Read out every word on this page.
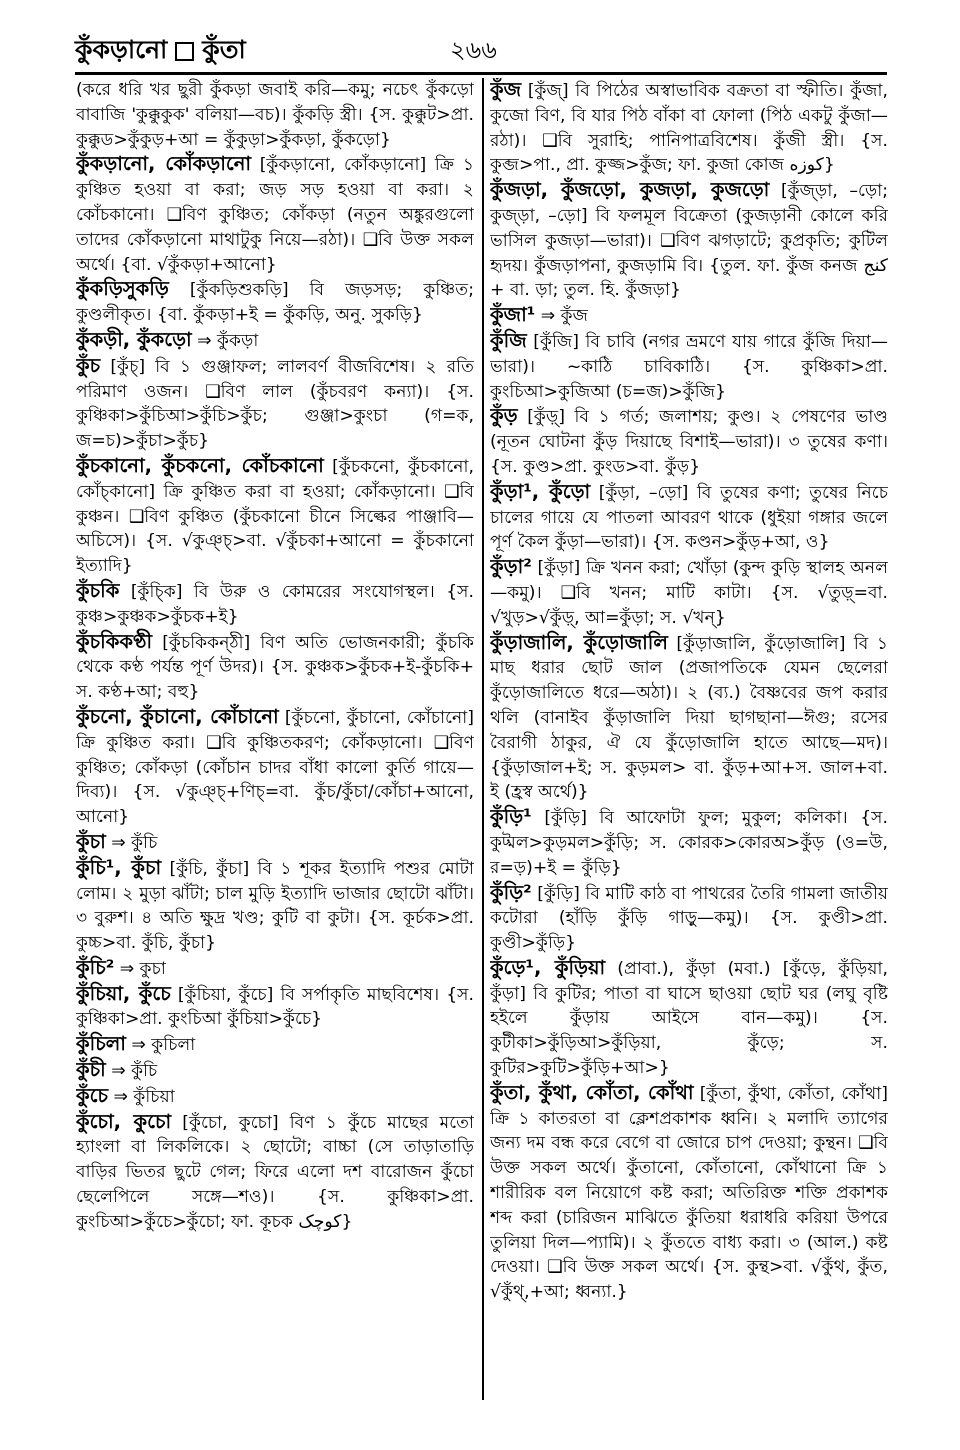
কুঁকড়ানো কুঁতা	২৬৬

(করে ধরি খর ছুরী কুঁকড়া জবাই করি—কমু; নচেৎ কুঁকড়ো বাবাজি 'কুক্কুকুক' বলিয়া—বচ)। কুঁকড়ি স্ত্রী। {স. কুক্কুট>প্রা. কুক্কুড>কুঁকুড়+আ = কুঁকুড়া>কুঁকড়া, কুঁকড়ো}

কুঁকড়ানো, কোঁকড়ানো [কুঁকড়ানো, কোঁকড়ানো] ক্রি ১ কুঞ্চিত হওয়া বা করা; জড় সড় হওয়া বা করা। ২ কোঁচকানো। ❑বিণ কুঞ্চিত; কোঁকড়া (নতুন অঙ্কুরগুলো তাদের কোঁকড়ানো মাথাটুকু নিয়ে—রঠা)। ❑বি উক্ত সকল অর্থে। {বা. √কুঁকড়া+আনো}

কুঁকড়িসুকড়ি [কুঁকড়িশুকড়ি] বি জড়সড়; কুঞ্চিত; কুণ্ডলীকৃত। {বা. কুঁকড়া+ই = কুঁকড়ি, অনু. সুকড়ি}

কুঁকড়ী, কুঁকড়ো ⇒ কুঁকড়া

কুঁচ [কুঁচ্] বি ১ গুঞ্জাফল; লালবর্ণ বীজবিশেষ। ২ রতি পরিমাণ ওজন। ❑বিণ লাল (কুঁচবরণ কন্যা)। {স. কুঞ্চিকা>কুঁচিআ>কুঁচি>কুঁচ; গুঞ্জা>কুংচা (গ=ক, জ=চ)>কুঁচা>কুঁচ}

কুঁচকানো, কুঁচকনো, কোঁচকানো [কুঁচকনো, কুঁচকানো, কোঁচ্কানো] ক্রি কুঞ্চিত করা বা হওয়া; কোঁকড়ানো। ❑বি কুঞ্চন। ❑বিণ কুঞ্চিত (কুঁচকানো চীনে সিল্কের পাঞ্জাবি—অচিসে)। {স. √কুঞ্চ্>বা. √কুঁচকা+আনো = কুঁচকানো ইত্যাদি}

কুঁচকি [কুঁচ্কি] বি উরু ও কোমরের সংযোগস্থল। {স. কুঞ্চ>কুঞ্চক>কুঁচক+ই}

কুঁচকিকণ্ঠী [কুঁচকিকন্‌ঠী] বিণ অতি ভোজনকারী; কুঁচকি থেকে কণ্ঠ পর্যন্ত পূর্ণ উদর)। {স. কুঞ্চক>কুঁচক+ই-কুঁচকি+ স. কণ্ঠ+আ; বহু}

কুঁচনো, কুঁচানো, কোঁচানো [কুঁচনো, কুঁচানো, কোঁচানো] ক্রি কুঞ্চিত করা। ❑বি কুঞ্চিতকরণ; কোঁকড়ানো। ❑বিণ কুঞ্চিত; কোঁকড়া (কোঁচান চাদর বাঁধা কালো কুর্তি গায়ে—দিব্য)। {স. √কুঞ্চ্+ণিচ্=বা. কুঁচ/কুঁচা/কোঁচা+আনো, আনো}

কুঁচা ⇒ কুঁচি

কুঁচি¹, কুঁচা [কুঁচি, কুঁচা] বি ১ শূকর ইত্যাদি পশুর মোটা লোম। ২ মুড়া ঝাঁটা; চাল মুড়ি ইত্যাদি ভাজার ছোটো ঝাঁটা। ৩ বুরুশ। ৪ অতি ক্ষুদ্র খণ্ড; কুটি বা কুটা। {স. কূর্চক>প্রা. কুচ্চ>বা. কুঁচি, কুঁচা}

কুঁচি² ⇒ কুচা

কুঁচিয়া, কুঁচে [কুঁচিয়া, কুঁচে] বি সর্পাকৃতি মাছবিশেষ। {স. কুঞ্চিকা>প্রা. কুংচিআ কুঁচিয়া>কুঁচে}

কুঁচিলা ⇒ কুচিলা

কুঁচী ⇒ কুঁচি

কুঁচে ⇒ কুঁচিয়া

কুঁচো, কুচো [কুঁচো, কুচো] বিণ ১ কুঁচে মাছের মতো হ্যাংলা বা লিকলিকে। ২ ছোটো; বাচ্চা (সে তাড়াতাড়ি বাড়ির ভিতর ছুটে গেল; ফিরে এলো দশ বারোজন কুঁচো ছেলেপিলে সঙ্গে—শও)। {স. কুঞ্চিকা>প্রা. কুংচিআ>কুঁচে>কুঁচো; ফা. কূচক کوچک}

কুঁজ [কুঁজ্] বি পিঠের অস্বাভাবিক বক্রতা বা স্ফীতি। কুঁজা, কুজো বিণ, বি যার পিঠ বাঁকা বা ফোলা (পিঠ একটু কুঁজা—রঠা)। ❑বি সুরাহি; পানিপাত্রবিশেষ। কুঁজী স্ত্রী। {স. কুব্জ>পা., প্রা. কুজ্জ>কুঁজ; ফা. কুজা কোজ کوزه}

কুঁজড়া, কুঁজড়ো, কুজড়া, কুজড়ো [কুঁজ্‌ড়া, –ড়ো; কুজ্‌ড়া, –ড়ো] বি ফলমূল বিক্রেতা (কুজড়ানী কোলে করি ভাসিল কুজড়া—ভারা)। ❑বিণ ঝগড়াটে; কুপ্রকৃতি; কুটিল হৃদয়। কুঁজড়াপনা, কুজড়ামি বি। {তুল. ফা. কুঁজ কনজ کنج + বা. ড়া; তুল. হি. কুঁজড়া}

কুঁজা¹ ⇒ কুঁজ

কুঁজি [কুঁজি] বি চাবি (নগর ভ্রমণে যায় গারে কুঁজি দিয়া—ভারা)। ~কাঠি চাবিকাঠি। {স. কুঞ্চিকা>প্রা. কুংচিআ>কুজিআ (চ=জ)>কুঁজি}

কুঁড় [কুঁড়্] বি ১ গর্ত; জলাশয়; কুণ্ড। ২ পেষণের ভাণ্ড (নূতন ঘোটনা কুঁড় দিয়াছে বিশাই—ভারা)। ৩ তুষের কণা। {স. কুণ্ড>প্রা. কুংড>বা. কুঁড়}

কুঁড়া¹, কুঁড়ো [কুঁড়া, –ড়ো] বি তুষের কণা; তুষের নিচে চালের গায়ে যে পাতলা আবরণ থাকে (ধুইয়া গঙ্গার জলে পূর্ণ কৈল কুঁড়া—ভারা)। {স. কণ্ডন>কুঁড়+আ, ও}

কুঁড়া² [কুঁড়া] ক্রি খনন করা; খোঁড়া (কুন্দ কুড়ি স্থালহ অনল—কমু)। ❑বি খনন; মাটি কাটা। {স. √তুড়্=বা. √খুড়>√কুঁড়্, আ=কুঁড়া; স. √খন্}

কুঁড়াজালি, কুঁড়োজালি [কুঁড়াজালি, কুঁড়োজালি] বি ১ মাছ ধরার ছোট জাল (প্রজাপতিকে যেমন ছেলেরা কুঁড়োজালিতে ধরে—অঠা)। ২ (ব্য.) বৈষ্ণবের জপ করার থলি (বানাইব কুঁড়াজালি দিয়া ছাগছানা—ঈগু; রসের বৈরাগী ঠাকুর, ঐ যে কুঁড়োজালি হাতে আছে—মদ)। {কুঁড়াজাল+ই; স. কুড়মল> বা. কুঁড়+আ+স. জাল+বা. ই (হ্রস্ব অর্থে)}

কুঁড়ি¹ [কুঁড়ি] বি আফোটা ফুল; মুকুল; কলিকা। {স. কুট্মল>কুড়মল>কুঁড়ি; স. কোরক>কোরঅ>কুঁড় (ও=উ, র=ড়)+ই = কুঁড়ি}

কুঁড়ি² [কুঁড়ি] বি মাটি কাঠ বা পাথরের তৈরি গামলা জাতীয় কটোরা (হাঁড়ি কুঁড়ি গাড়ু—কমু)। {স. কুণ্ডী>প্রা. কুণ্ডী>কুঁড়ি}

কুঁড়ে¹, কুঁড়িয়া (প্রাবা.), কুঁড়া (মবা.) [কুঁড়ে, কুঁড়িয়া, কুঁড়া] বি কুটির; পাতা বা ঘাসে ছাওয়া ছোট ঘর (লঘু বৃষ্টি হইলে কুঁড়ায় আইসে বান—কমু)। {স. কুটীকা>কুঁড়িআ>কুঁড়িয়া, কুঁড়ে; স. কুটির>কুটি>কুঁড়ি+আ>}

কুঁতা, কুঁথা, কোঁতা, কোঁথা [কুঁতা, কুঁথা, কোঁতা, কোঁথা] ক্রি ১ কাতরতা বা ক্লেশপ্রকাশক ধ্বনি। ২ মলাদি ত্যাগের জন্য দম বন্ধ করে বেগে বা জোরে চাপ দেওয়া; কুন্থন। ❑বি উক্ত সকল অর্থে। কুঁতানো, কোঁতানো, কোঁথানো ক্রি ১ শারীরিক বল নিয়োগে কষ্ট করা; অতিরিক্ত শক্তি প্রকাশক শব্দ করা (চারিজন মাঝিতে কুঁতিয়া ধরাধরি করিয়া উপরে তুলিয়া দিল—প্যামি)। ২ কুঁততে বাধ্য করা। ৩ (আল.) কষ্ট দেওয়া। ❑বি উক্ত সকল অর্থে। {স. কুন্থ>বা. √কুঁথ, কুঁত, √কুঁথ্,+আ; ধ্বন্যা.}
